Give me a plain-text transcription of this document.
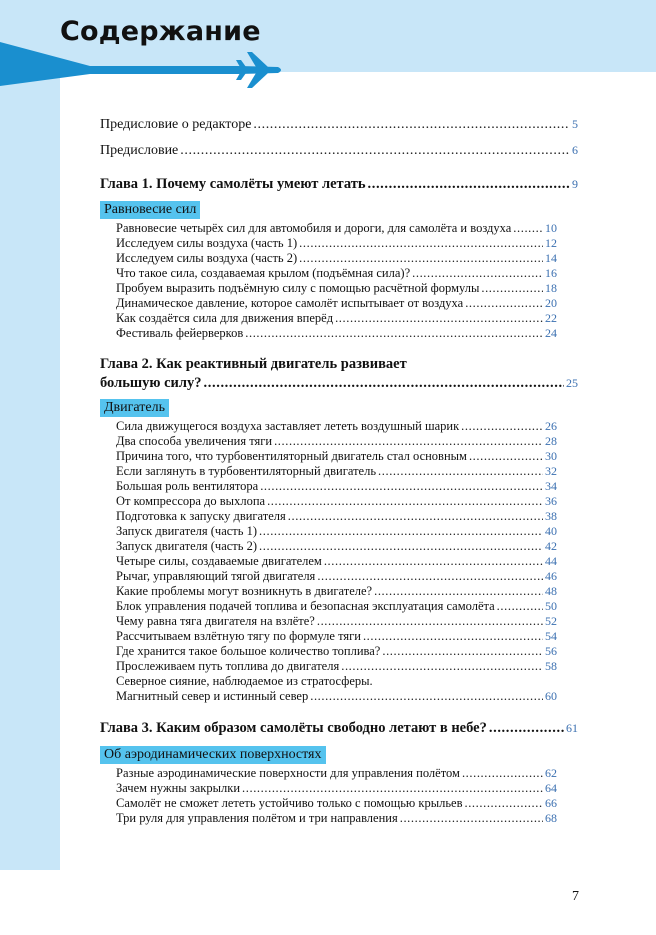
Содержание
Предисловие о редакторе .....	5
Предисловие .....	6
Глава 1. Почему самолёты умеют летать .....	9
Равновесие сил
Равновесие четырёх сил для автомобиля и дороги, для самолёта и воздуха .....	10
Исследуем силы воздуха (часть 1) .....	12
Исследуем силы воздуха (часть 2) .....	14
Что такое сила, создаваемая крылом (подъёмная сила)? .....	16
Пробуем выразить подъёмную силу с помощью расчётной формулы .....	18
Динамическое давление, которое самолёт испытывает от воздуха .....	20
Как создаётся сила для движения вперёд .....	22
Фестиваль фейерверков .....	24
Глава 2. Как реактивный двигатель развивает
большую силу? .....	25
Двигатель
Сила движущегося воздуха заставляет лететь воздушный шарик .....	26
Два способа увеличения тяги .....	28
Причина того, что турбовентиляторный двигатель стал основным .....	30
Если заглянуть в турбовентиляторный двигатель .....	32
Большая роль вентилятора .....	34
От компрессора до выхлопа .....	36
Подготовка к запуску двигателя .....	38
Запуск двигателя (часть 1) .....	40
Запуск двигателя (часть 2) .....	42
Четыре силы, создаваемые двигателем .....	44
Рычаг, управляющий тягой двигателя .....	46
Какие проблемы могут возникнуть в двигателе? .....	48
Блок управления подачей топлива и безопасная эксплуатация самолёта .....	50
Чему равна тяга двигателя на взлёте? .....	52
Рассчитываем взлётную тягу по формуле тяги .....	54
Где хранится такое большое количество топлива? .....	56
Прослеживаем путь топлива до двигателя .....	58
Северное сияние, наблюдаемое из стратосферы.
Магнитный север и истинный север .....	60
Глава 3. Каким образом самолёты свободно летают в небе? .....	61
Об аэродинамических поверхностях
Разные аэродинамические поверхности для управления полётом .....	62
Зачем нужны закрылки .....	64
Самолёт не сможет лететь устойчиво только с помощью крыльев .....	66
Три руля для управления полётом и три направления .....	68
7
